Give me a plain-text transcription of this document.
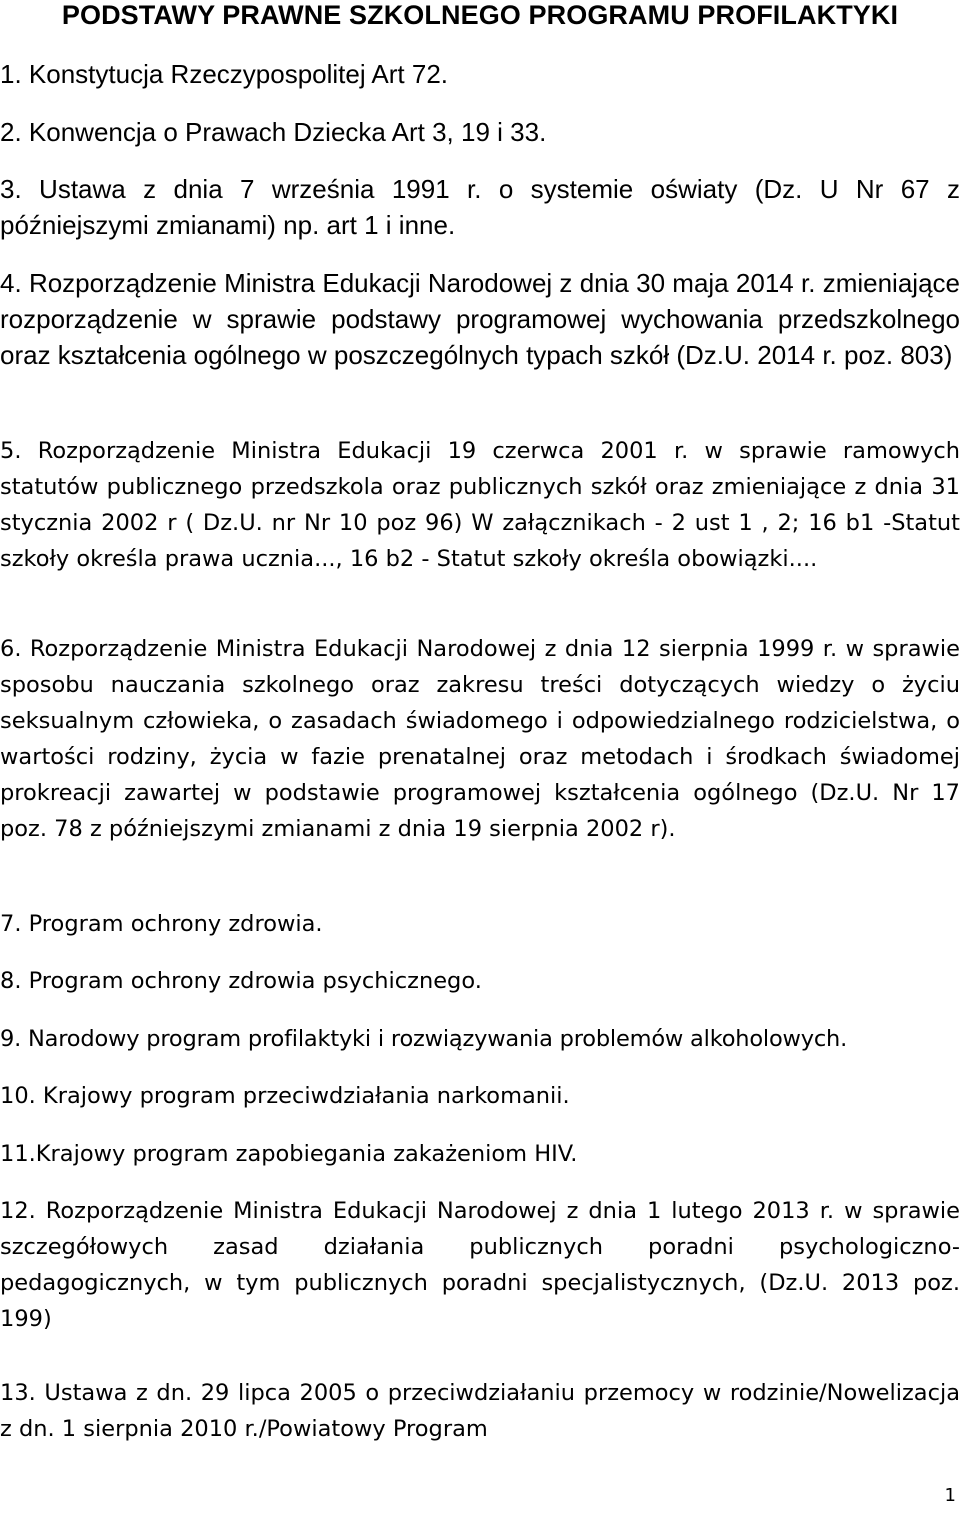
PODSTAWY PRAWNE SZKOLNEGO PROGRAMU PROFILAKTYKI

1. Konstytucja Rzeczypospolitej Art 72.

2. Konwencja o Prawach Dziecka Art 3, 19 i 33.

3. Ustawa z dnia 7 września 1991 r. o systemie oświaty (Dz. U Nr 67 z późniejszymi zmianami) np. art 1 i inne.

4. Rozporządzenie Ministra Edukacji Narodowej z dnia 30 maja 2014 r. zmieniające rozporządzenie w sprawie podstawy programowej wychowania przedszkolnego oraz kształcenia ogólnego w poszczególnych typach szkół (Dz.U. 2014 r. poz. 803)

5. Rozporządzenie Ministra Edukacji 19 czerwca 2001 r. w sprawie ramowych statutów publicznego przedszkola oraz publicznych szkół oraz zmieniające z dnia 31 stycznia 2002 r ( Dz.U. nr Nr 10 poz 96) W załącznikach - 2 ust 1 , 2; 16 b1 -Statut szkoły określa prawa ucznia..., 16 b2 - Statut szkoły określa obowiązki....

6. Rozporządzenie Ministra Edukacji Narodowej z dnia 12 sierpnia 1999 r. w sprawie sposobu nauczania szkolnego oraz zakresu treści dotyczących wiedzy o życiu seksualnym człowieka, o zasadach świadomego i odpowiedzialnego rodzicielstwa, o wartości rodziny, życia w fazie prenatalnej oraz metodach i środkach świadomej prokreacji zawartej w podstawie programowej kształcenia ogólnego (Dz.U. Nr 17 poz. 78 z późniejszymi zmianami z dnia 19 sierpnia 2002 r).

7. Program ochrony zdrowia.

8. Program ochrony zdrowia psychicznego.

9. Narodowy program profilaktyki i rozwiązywania problemów alkoholowych.

10. Krajowy program przeciwdziałania narkomanii.

11.Krajowy program zapobiegania zakażeniom HIV.

12. Rozporządzenie Ministra Edukacji Narodowej z dnia 1 lutego 2013 r. w sprawie szczegółowych zasad działania publicznych poradni psychologiczno-pedagogicznych, w tym publicznych poradni specjalistycznych, (Dz.U. 2013 poz. 199)

13. Ustawa z dn. 29 lipca 2005 o przeciwdziałaniu przemocy w rodzinie/Nowelizacja z dn. 1 sierpnia 2010 r./Powiatowy Program

1
